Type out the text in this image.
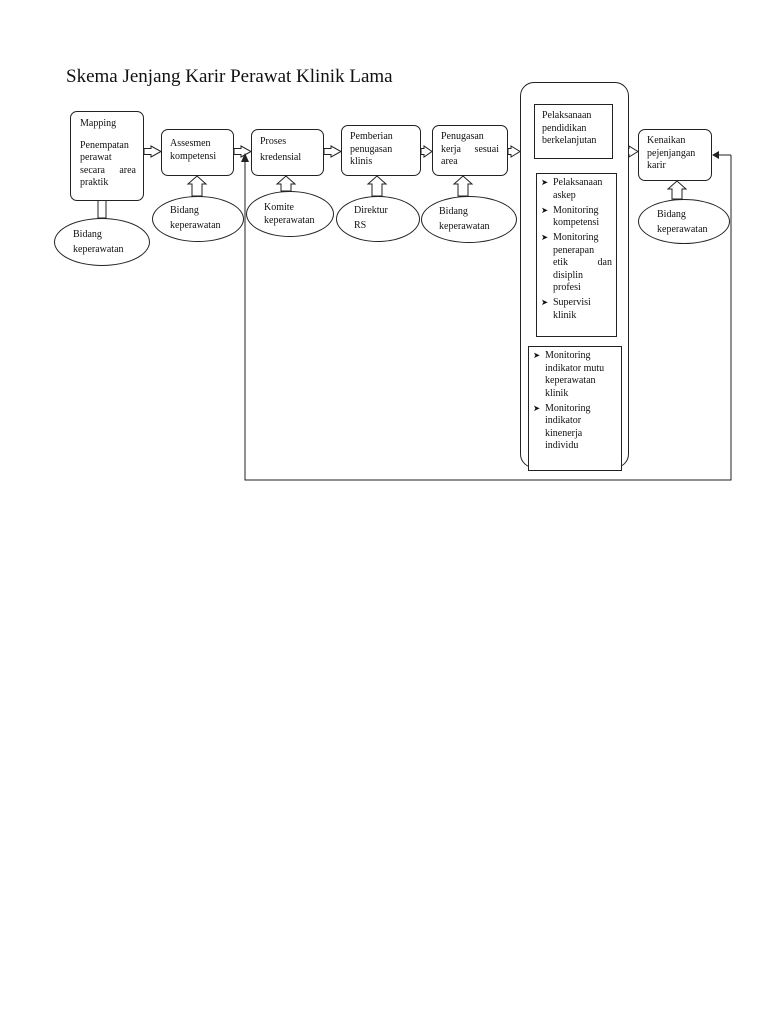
Skema Jenjang Karir Perawat Klinik Lama
Mapping
Penempatan
perawat
secara area
praktik
Assesmen
kompetensi
Proses
kredensial
Pemberian
penugasan
klinis
Penugasan
kerja sesuai
area
Pelaksanaan
pendidikan
berkelanjutan	Kenaikan
pejenjangan
karir
➤ Pelaksanaan
askep
➤ Monitoring
kompetensi
➤ Monitoring
penerapan
etik dan
disiplin
profesi
➤ Supervisi
klinik
➤ Monitoring
indikator mutu
keperawatan
klinik
➤ Monitoring
indikator
kinenerja
individu
Bidang
keperawatan
Bidang
keperawatan
Komite
keperawatan
Direktur
RS
Bidang
keperawatan
Bidang
keperawatan
